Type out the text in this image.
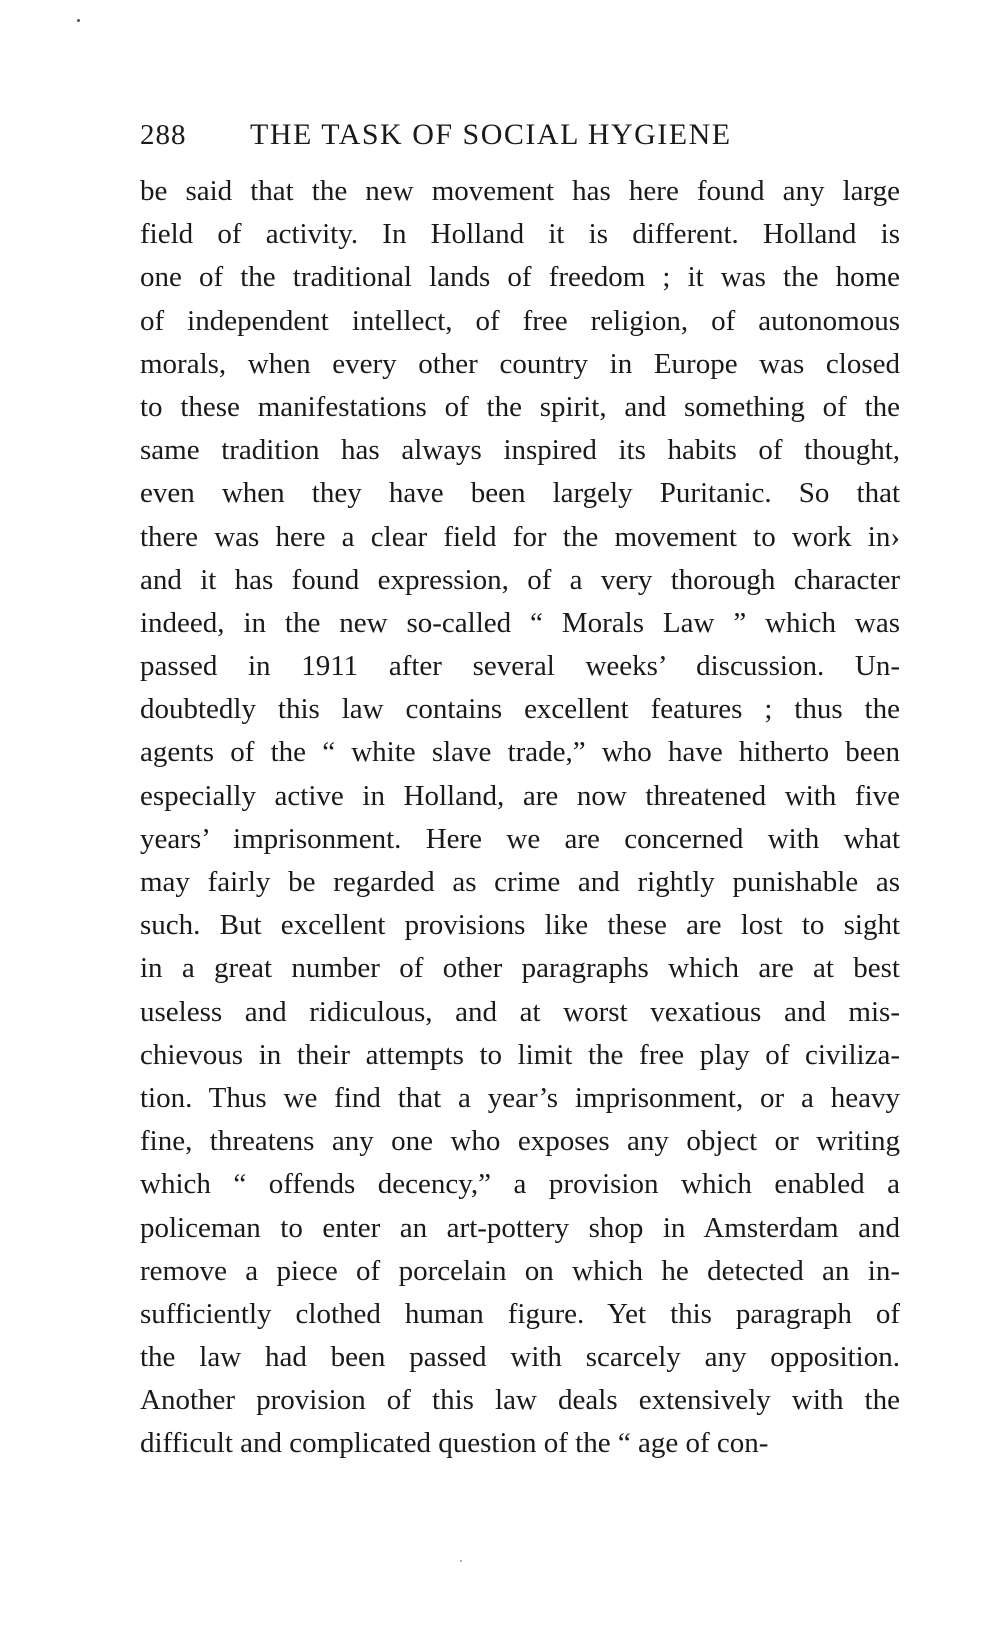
288 THE TASK OF SOCIAL HYGIENE
be said that the new movement has here found any large
field of activity. In Holland it is different. Holland is
one of the traditional lands of freedom ; it was the home
of independent intellect, of free religion, of autonomous
morals, when every other country in Europe was closed
to these manifestations of the spirit, and something of the
same tradition has always inspired its habits of thought,
even when they have been largely Puritanic. So that
there was here a clear field for the movement to work in›
and it has found expression, of a very thorough character
indeed, in the new so-called “ Morals Law ” which was
passed in 1911 after several weeks’ discussion. Un-
doubtedly this law contains excellent features ; thus the
agents of the “ white slave trade,” who have hitherto been
especially active in Holland, are now threatened with five
years’ imprisonment. Here we are concerned with what
may fairly be regarded as crime and rightly punishable as
such. But excellent provisions like these are lost to sight
in a great number of other paragraphs which are at best
useless and ridiculous, and at worst vexatious and mis-
chievous in their attempts to limit the free play of civiliza-
tion. Thus we find that a year’s imprisonment, or a heavy
fine, threatens any one who exposes any object or writing
which “ offends decency,” a provision which enabled a
policeman to enter an art-pottery shop in Amsterdam and
remove a piece of porcelain on which he detected an in-
sufficiently clothed human figure. Yet this paragraph of
the law had been passed with scarcely any opposition.
Another provision of this law deals extensively with the
difficult and complicated question of the “ age of con-
